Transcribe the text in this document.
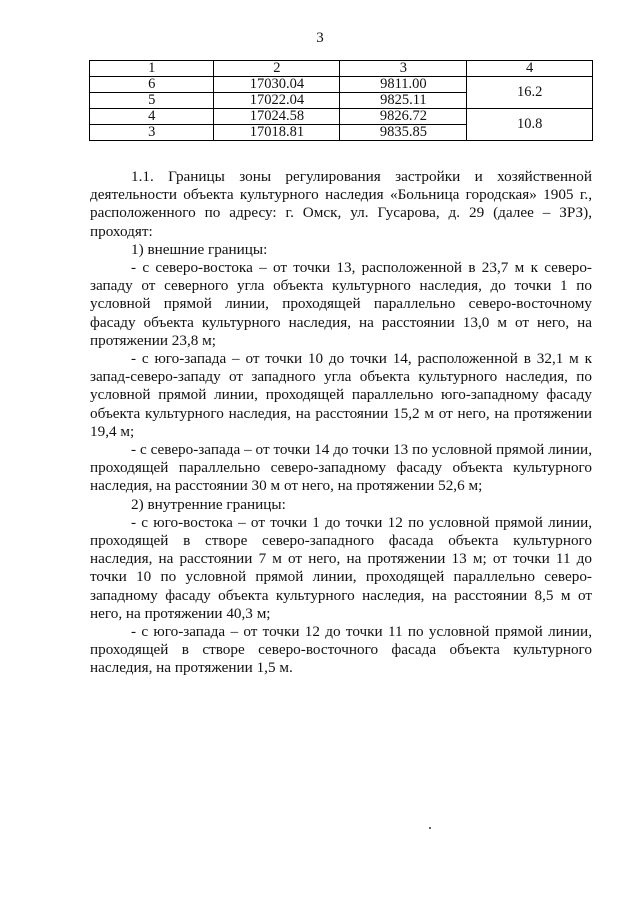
3
1	2	3	4
6	17030.04	9811.00	16.2
5	17022.04	9825.11	
4	17024.58	9826.72	10.8
3	17018.81	9835.85	

1.1. Границы зоны регулирования застройки и хозяйственной деятельности объекта культурного наследия «Больница городская» 1905 г., расположенного по адресу: г. Омск, ул. Гусарова, д. 29 (далее – ЗРЗ), проходят:

1) внешние границы:

- с северо-востока – от точки 13, расположенной в 23,7 м к северо-западу от северного угла объекта культурного наследия, до точки 1 по условной прямой линии, проходящей параллельно северо-восточному фасаду объекта культурного наследия, на расстоянии 13,0 м от него, на протяжении 23,8 м;

- с юго-запада – от точки 10 до точки 14, расположенной в 32,1 м к запад-северо-западу от западного угла объекта культурного наследия, по условной прямой линии, проходящей параллельно юго-западному фасаду объекта культурного наследия, на расстоянии 15,2 м от него, на протяжении 19,4 м;

- с северо-запада – от точки 14 до точки 13 по условной прямой линии, проходящей параллельно северо-западному фасаду объекта культурного наследия, на расстоянии 30 м от него, на протяжении 52,6 м;

2) внутренние границы:

- с юго-востока – от точки 1 до точки 12 по условной прямой линии, проходящей в створе северо-западного фасада объекта культурного наследия, на расстоянии 7 м от него, на протяжении 13 м; от точки 11 до точки 10 по условной прямой линии, проходящей параллельно северо-западному фасаду объекта культурного наследия, на расстоянии 8,5 м от него, на протяжении 40,3 м;

- с юго-запада – от точки 12 до точки 11 по условной прямой линии, проходящей в створе северо-восточного фасада объекта культурного наследия, на протяжении 1,5 м.
